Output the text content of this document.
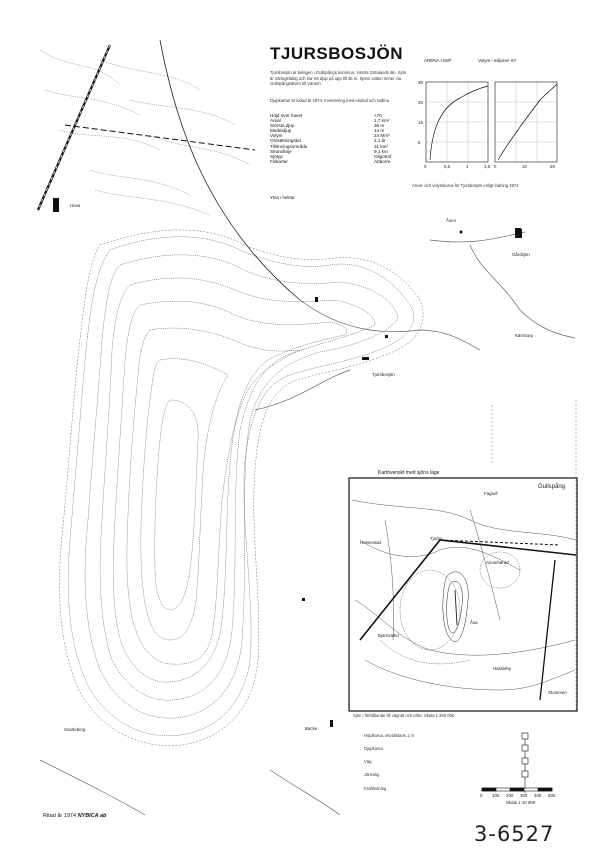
TJURSBOSJÖN
Tjursbosjön är belägen i Gullspångs kommun, Västra Götalands län. Sjön är näringsfattig och har ett djup på upp till 36 m. Sjöns vatten rinner via Gullspångsälven till Vänern.
Djupkartan är lodad år 1974. Inventering med ekolod och lodlina.
Höjd över havet	+70
Areal	1,7 km²
Största djup	36 m
Medeldjup	14 m
Volym	24 Mm³
Omsättningstid	2,1 år
Tillrinningsområde	31 km²
Strandlinje	9,1 km
Sjötyp	Oligotrof
Fiskarter	Abborre
Ytan i hektar
ARENA I KM²	Volym i miljoner m³
Areal- och volymkurva för Tjursbosjön enligt lodning 1974
35
25
15
5
0	0,5	1	1,5 0	10	20
Hova
Gårdsjön
Åsen
Kärrstorp
Tjursbosjön
Svarteberg	Backe
Kartöversikt med sjöns läge
Fagrull
Gullspång
Holmestad
Tjurbo
Amnehärad
Björnsätter
Åsa
Hassleby
Stommen
Sjön i förhållande till vägnät och orter. Skala 1:200 000
Höjdkurva, ekvidistans 1 m
Djupkurva
Väg
Järnväg
Kraftledning
0 100 200 300 400 500
Skala 1:10 000
Ritad år 1974 NYBICA ab
3-6527
